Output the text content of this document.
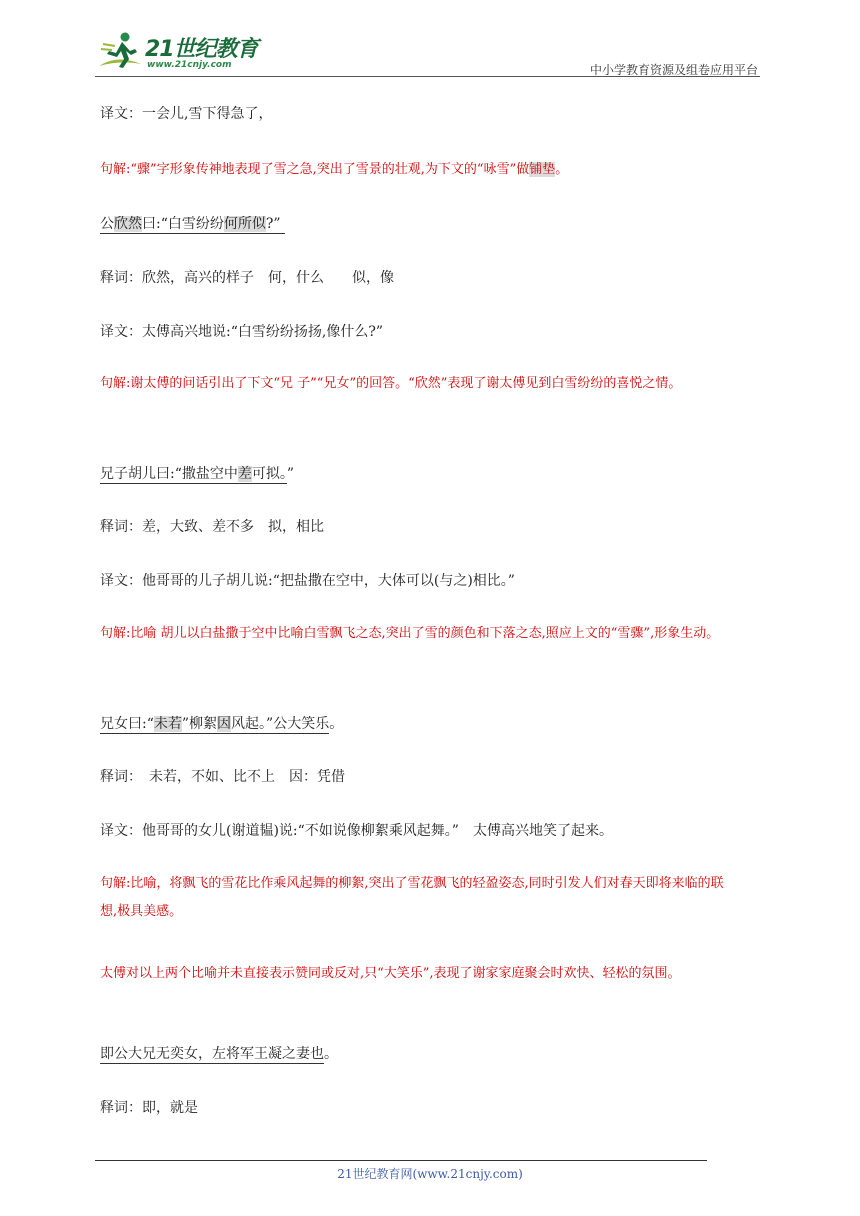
21世纪教育
www.21cnjy.com	中小学教育资源及组卷应用平台
译文：一会儿,雪下得急了，
句解:“骤”字形象传神地表现了雪之急,突出了雪景的壮观,为下文的“咏雪”做铺垫。
公欣然曰:“白雪纷纷何所似?”
释词：欣然，高兴的样子　何，什么　　似，像
译文：太傅高兴地说:“白雪纷纷扬扬,像什么?”
句解:谢太傅的问话引出了下文“兄 子”“兄女”的回答。“欣然”表现了谢太傅见到白雪纷纷的喜悦之情。
兄子胡儿曰:“撒盐空中差可拟。”
释词：差，大致、差不多　拟，相比
译文：他哥哥的儿子胡儿说:“把盐撒在空中，大体可以(与之)相比。”
句解:比喻 胡儿以白盐撒于空中比喻白雪飘飞之态,突出了雪的颜色和下落之态,照应上文的“雪骤”,形象生动。
兄女曰:“未若”柳絮因风起。”公大笑乐。
释词：　未若，不如、比不上　因：凭借
译文：他哥哥的女儿(谢道韫)说:“不如说像柳絮乘风起舞。”　太傅高兴地笑了起来。
句解:比喻，将飘飞的雪花比作乘风起舞的柳絮,突出了雪花飘飞的轻盈姿态,同时引发人们对春天即将来临的联想,极具美感。
太傅对以上两个比喻并未直接表示赞同或反对,只“大笑乐”,表现了谢家家庭聚会时欢快、轻松的氛围。
即公大兄无奕女，左将军王凝之妻也。
释词：即，就是
21世纪教育网(www.21cnjy.com)
